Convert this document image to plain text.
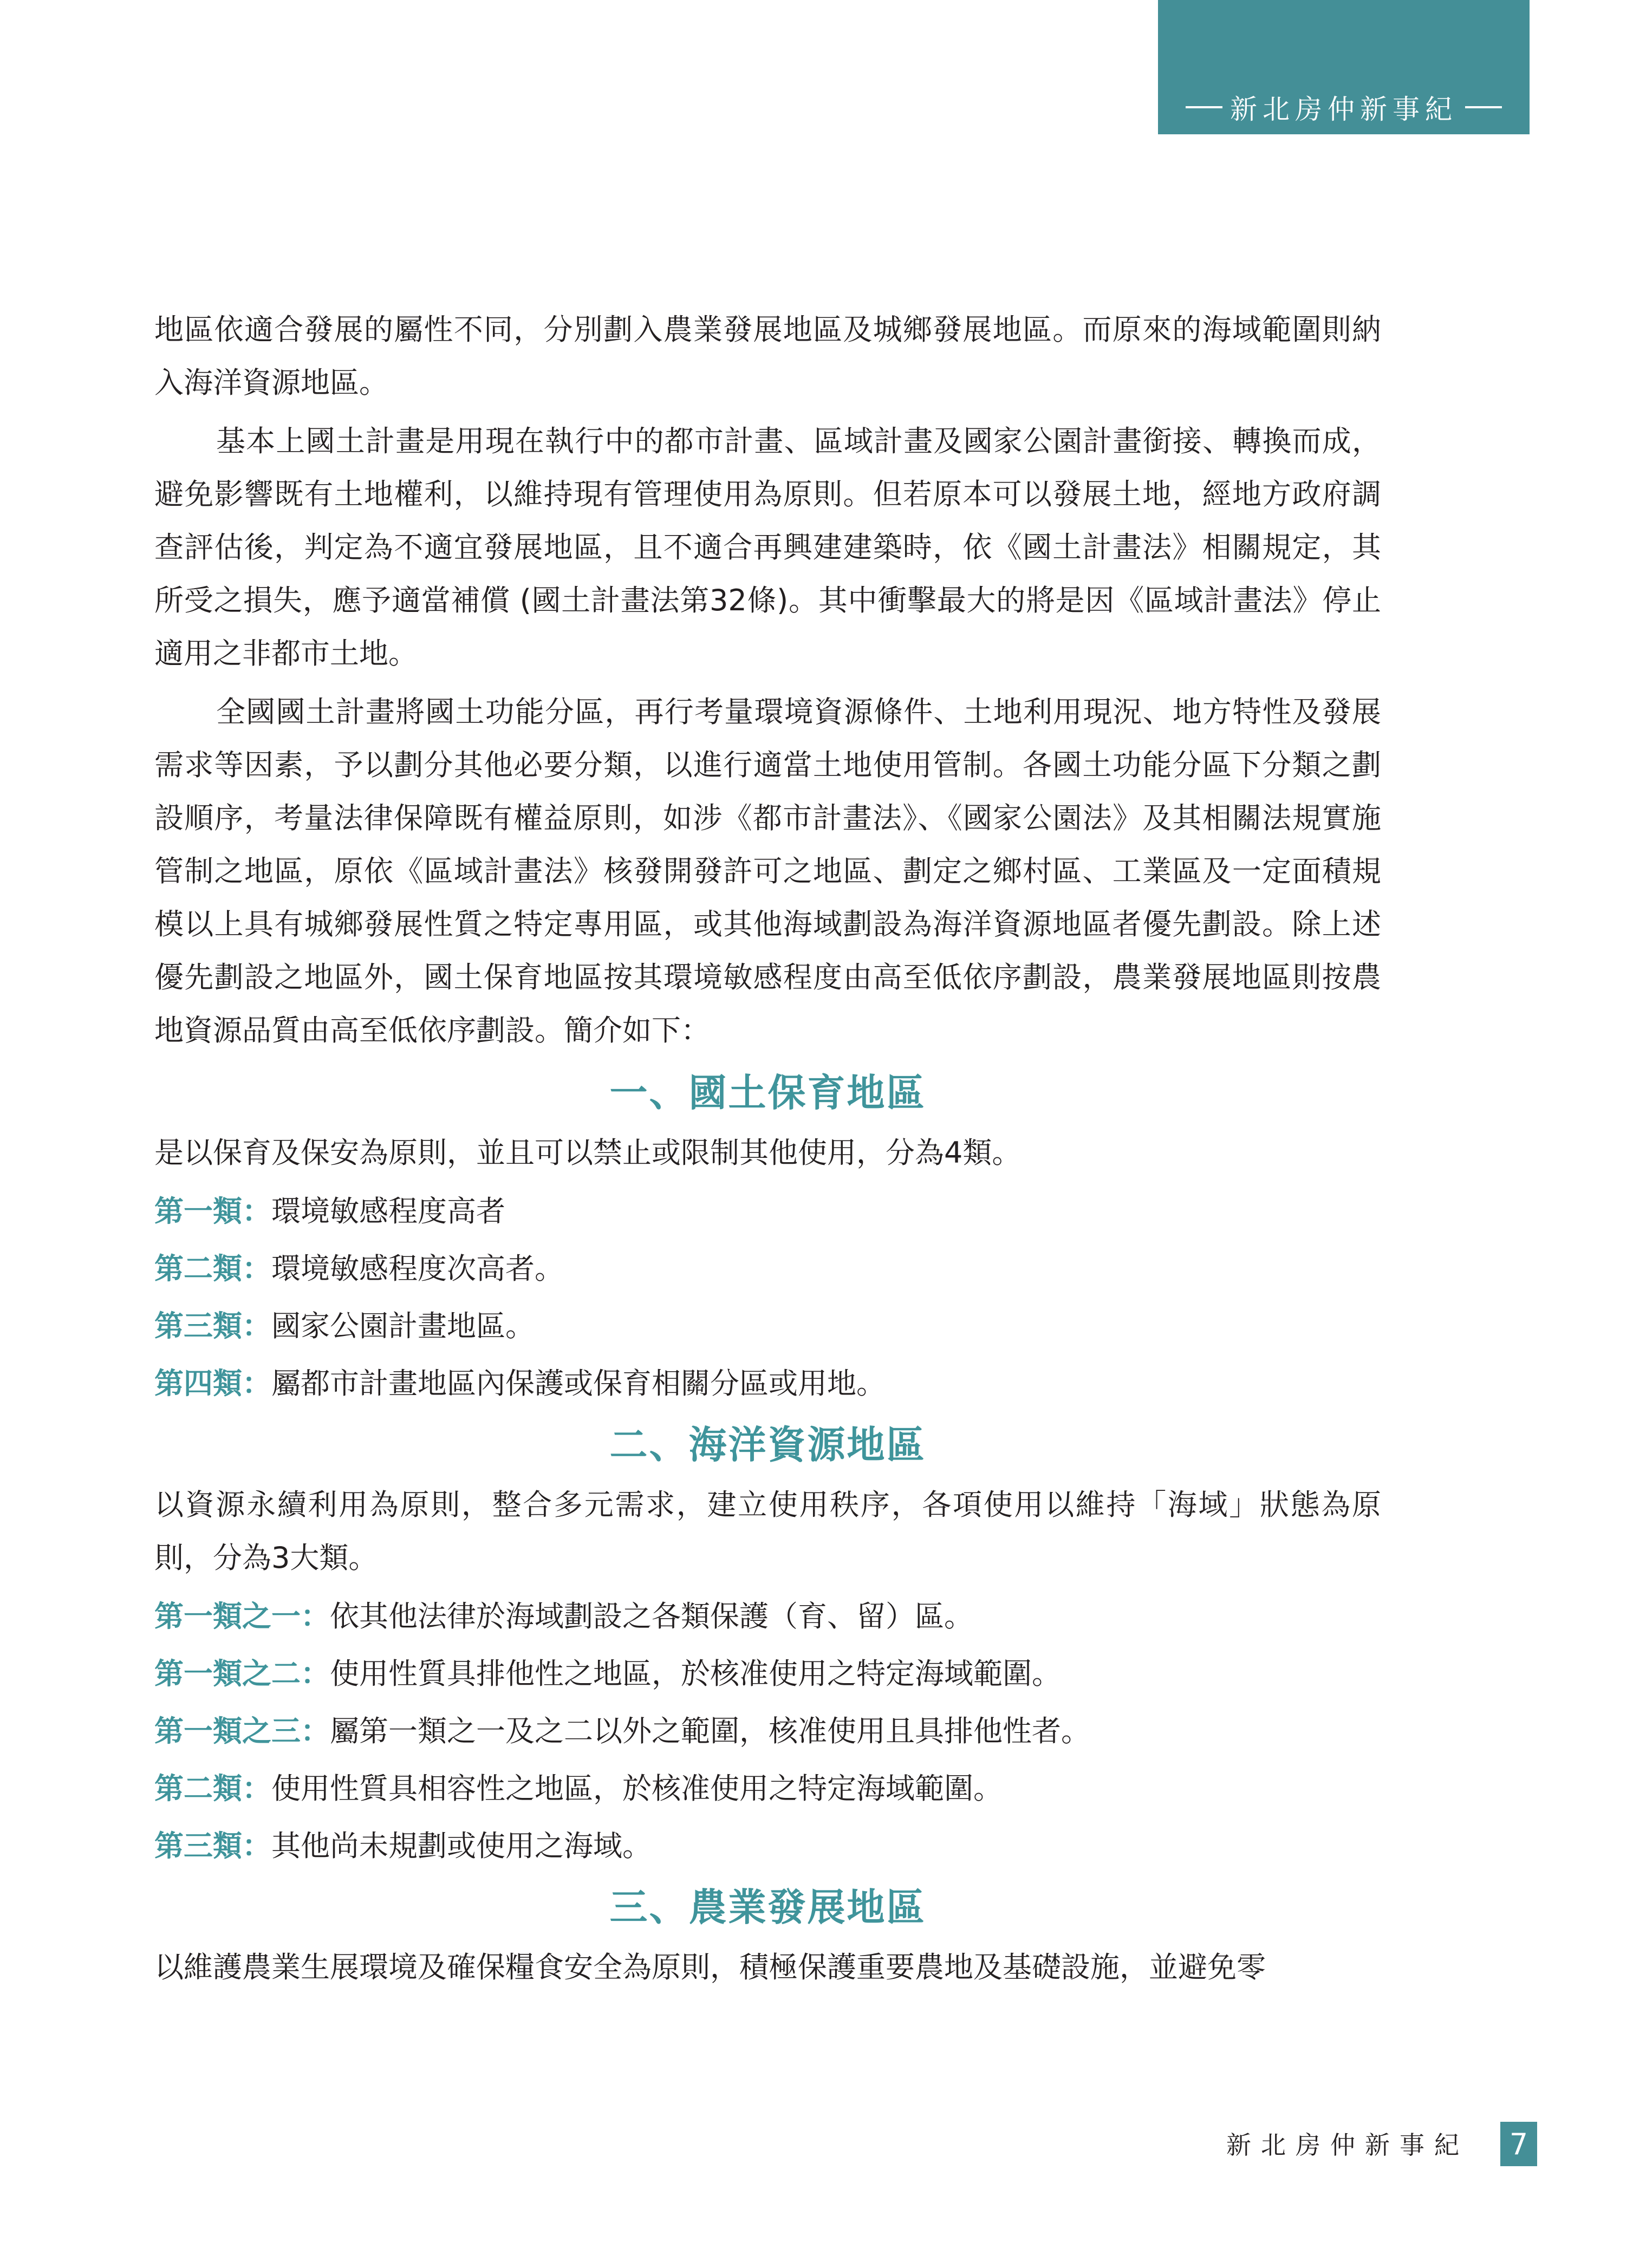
新北房仲新事紀

地區依適合發展的屬性不同，分別劃入農業發展地區及城鄉發展地區。而原來的海域範圍則納入海洋資源地區。

基本上國土計畫是用現在執行中的都市計畫、區域計畫及國家公園計畫銜接、轉換而成，避免影響既有土地權利，以維持現有管理使用為原則。但若原本可以發展土地，經地方政府調查評估後，判定為不適宜發展地區，且不適合再興建建築時，依《國土計畫法》相關規定，其所受之損失，應予適當補償 (國土計畫法第32條)。其中衝擊最大的將是因《區域計畫法》停止適用之非都市土地。

全國國土計畫將國土功能分區，再行考量環境資源條件、土地利用現況、地方特性及發展需求等因素，予以劃分其他必要分類，以進行適當土地使用管制。各國土功能分區下分類之劃設順序，考量法律保障既有權益原則，如涉《都市計畫法》、《國家公園法》及其相關法規實施管制之地區，原依《區域計畫法》核發開發許可之地區、劃定之鄉村區、工業區及一定面積規模以上具有城鄉發展性質之特定專用區，或其他海域劃設為海洋資源地區者優先劃設。除上述優先劃設之地區外，國土保育地區按其環境敏感程度由高至低依序劃設，農業發展地區則按農地資源品質由高至低依序劃設。簡介如下：

一、國土保育地區

是以保育及保安為原則，並且可以禁止或限制其他使用，分為4類。

第一類：環境敏感程度高者
第二類：環境敏感程度次高者。
第三類：國家公園計畫地區。
第四類：屬都市計畫地區內保護或保育相關分區或用地。
二、海洋資源地區

以資源永續利用為原則，整合多元需求，建立使用秩序，各項使用以維持「海域」狀態為原則，分為3大類。

第一類之一：依其他法律於海域劃設之各類保護（育、留）區。
第一類之二：使用性質具排他性之地區，於核准使用之特定海域範圍。
第一類之三：屬第一類之一及之二以外之範圍，核准使用且具排他性者。
第二類：使用性質具相容性之地區，於核准使用之特定海域範圍。
第三類：其他尚未規劃或使用之海域。
三、農業發展地區

以維護農業生展環境及確保糧食安全為原則，積極保護重要農地及基礎設施，並避免零

新北房仲新事紀	7
